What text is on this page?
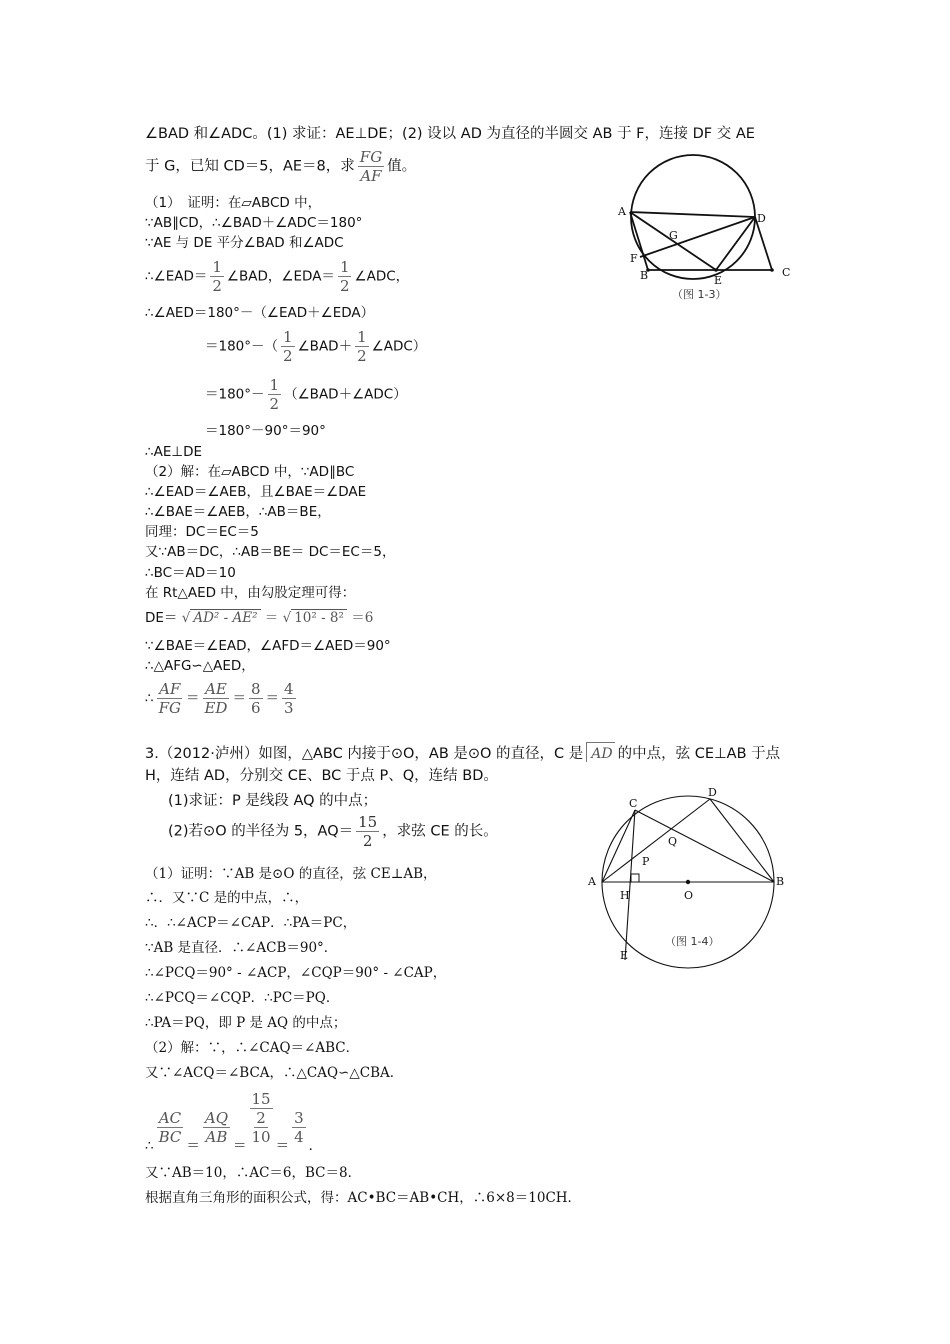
∠BAD 和∠ADC。(1) 求证：AE⊥DE；(2) 设以 AD 为直径的半圆交 AB 于 F，连接 DF 交 AE
于 G，已知 CD＝5，AE＝8，求 $\frac{FG}{AF}$ 值。
（1）　证明：在▱ABCD 中，
∵AB∥CD，∴∠BAD＋∠ADC＝180°
∵AE 与 DE 平分∠BAD 和∠ADC
∴∠EAD＝ $\frac{1}{2}$ ∠BAD，∠EDA＝ $\frac{1}{2}$ ∠ADC，
∴∠AED＝180°－（∠EAD＋∠EDA）
$=180^\circ-( \frac{1}{2}$ ∠BAD＋ $\frac{1}{2}$ ∠ADC）
$=180^\circ- \frac{1}{2}$ （∠BAD＋∠ADC）
＝180°－90°＝90°
∴AE⊥DE
（2）解：在▱ABCD 中，∵AD∥BC
∴∠EAD＝∠AEB，且∠BAE＝∠DAE
∴∠BAE＝∠AEB，∴AB＝BE，
同理：DC＝EC＝5
又∵AB＝DC，∴AB＝BE＝ DC＝EC＝5，
∴BC＝AD＝10
在 Rt△AED 中，由勾股定理可得：
DE＝ √ AD² - AE² ＝ √ 10² - 8² ＝6
∵∠BAE＝∠EAD，∠AFD＝∠AED＝90°
∴△AFG∽△AED，
∴ $\frac{AF}{FG} = \frac{AE}{ED} = \frac{8}{6} = \frac{4}{3}$
A
D
G
F
B	E
C
（图 1-3）
3.（2012·泸州）如图，△ABC 内接于⊙O，AB 是⊙O 的直径，C 是 AD 的中点，弦 CE⊥AB 于点
H，连结 AD，分别交 CE、BC 于点 P、Q，连结 BD。
(1)求证：P 是线段 AQ 的中点；
(2)若⊙O 的半径为 5，$AQ= \frac{15}{2}$ ，求弦 CE 的长。
（1）证明：∵AB 是⊙O 的直径，弦 CE⊥AB，
∴．又∵C 是的中点，∴，
∴．∴∠ACP＝∠CAP．∴PA＝PC，
∵AB 是直径．∴∠ACB＝90°．
∴∠PCQ＝90° - ∠ACP，∠CQP＝90° - ∠CAP，
∴∠PCQ＝∠CQP．∴PC＝PQ．
∴PA＝PQ，即 P 是 AQ 的中点；
（2）解：∵，∴∠CAQ＝∠ABC．
又∵∠ACQ＝∠BCA，∴△CAQ∽△CBA．
∴ $\frac{AC}{BC} = \frac{AQ}{AB}$ ＝
15
2
$10 = \frac{3}{4}$ ．
又∵AB＝10，∴AC＝6，BC＝8．
根据直角三角形的面积公式，得：AC•BC＝AB•CH，∴6×8＝10CH．
C
D
Q
P
A
H	O
B
E
（图 1-4）
